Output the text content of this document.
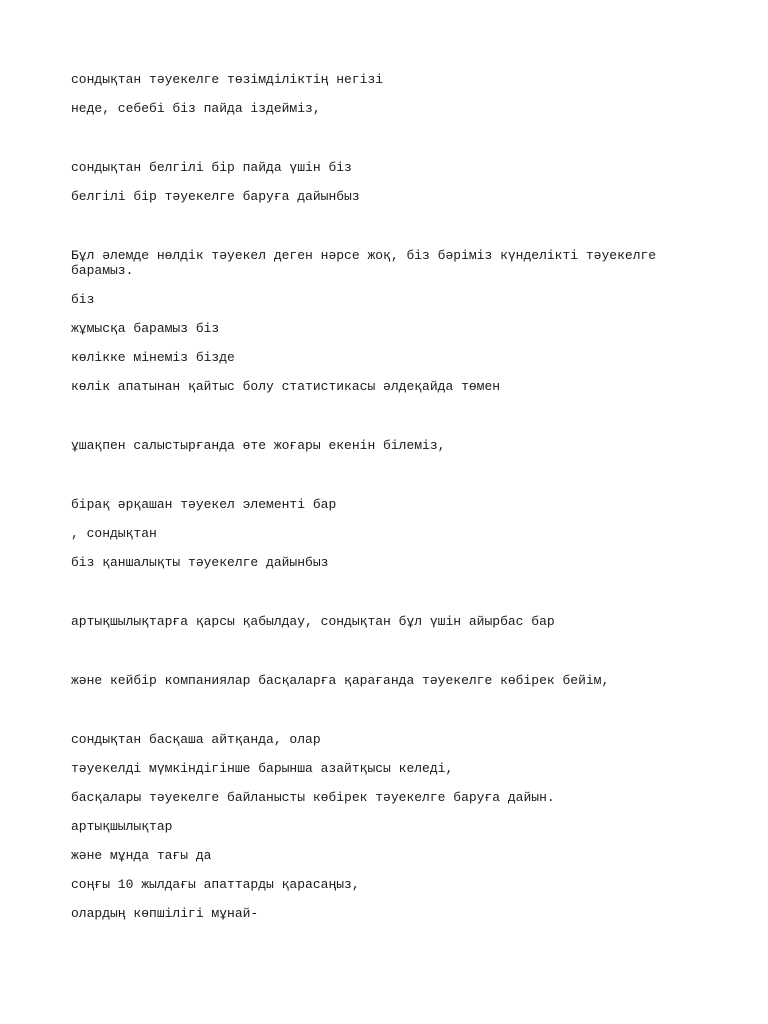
сондықтан тәуекелге төзімділіктің негізі

неде, себебі біз пайда іздейміз,

сондықтан белгілі бір пайда үшін біз

белгілі бір тәуекелге баруға дайынбыз

Бұл әлемде нөлдік тәуекел деген нәрсе жоқ, біз бәріміз күнделікті тәуекелге барамыз.

біз

жұмысқа барамыз біз

көлікке мінеміз бізде

көлік апатынан қайтыс болу статистикасы әлдеқайда төмен

ұшақпен салыстырғанда өте жоғары екенін білеміз,

бірақ әрқашан тәуекел элементі бар

, сондықтан

біз қаншалықты тәуекелге дайынбыз

артықшылықтарға қарсы қабылдау, сондықтан бұл үшін айырбас бар

және кейбір компаниялар басқаларға қарағанда тәуекелге көбірек бейім,

сондықтан басқаша айтқанда, олар

тәуекелді мүмкіндігінше барынша азайтқысы келеді,

басқалары тәуекелге байланысты көбірек тәуекелге баруға дайын.

артықшылықтар

және мұнда тағы да

соңғы 10 жылдағы апаттарды қарасаңыз,

олардың көпшілігі мұнай-
